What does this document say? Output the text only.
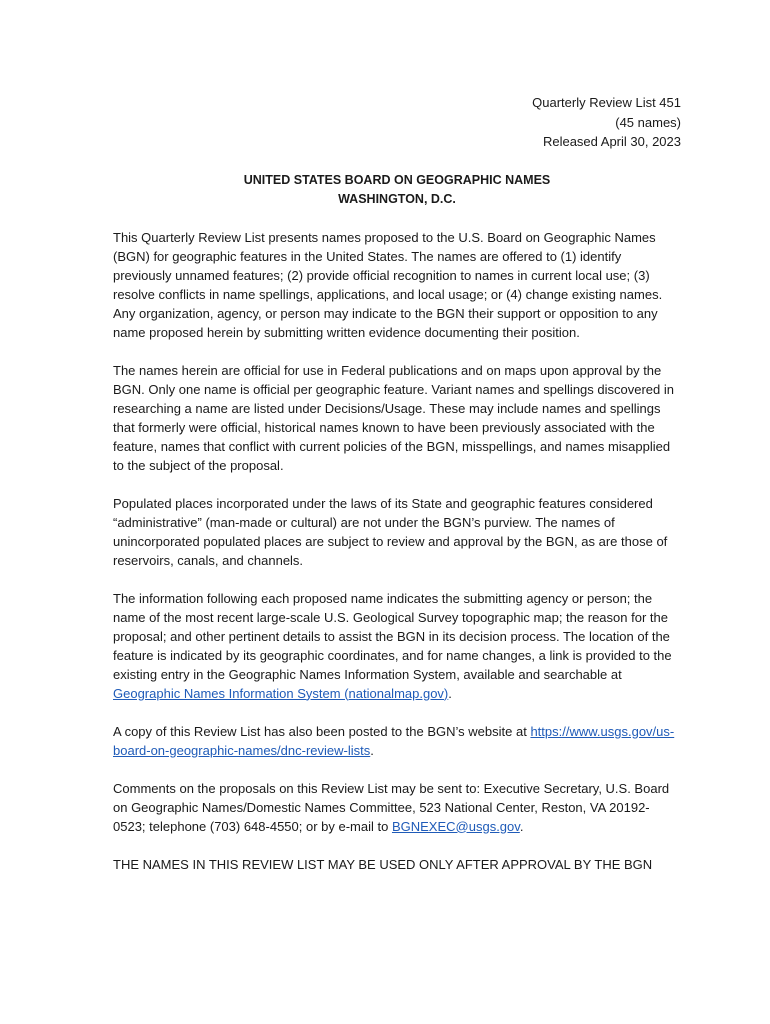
Quarterly Review List 451
(45 names)
Released April 30, 2023
UNITED STATES BOARD ON GEOGRAPHIC NAMES
WASHINGTON, D.C.

This Quarterly Review List presents names proposed to the U.S. Board on Geographic Names (BGN) for geographic features in the United States. The names are offered to (1) identify previously unnamed features; (2) provide official recognition to names in current local use; (3) resolve conflicts in name spellings, applications, and local usage; or (4) change existing names. Any organization, agency, or person may indicate to the BGN their support or opposition to any name proposed herein by submitting written evidence documenting their position.

The names herein are official for use in Federal publications and on maps upon approval by the BGN. Only one name is official per geographic feature. Variant names and spellings discovered in researching a name are listed under Decisions/Usage. These may include names and spellings that formerly were official, historical names known to have been previously associated with the feature, names that conflict with current policies of the BGN, misspellings, and names misapplied to the subject of the proposal.

Populated places incorporated under the laws of its State and geographic features considered “administrative” (man-made or cultural) are not under the BGN’s purview. The names of unincorporated populated places are subject to review and approval by the BGN, as are those of reservoirs, canals, and channels.

The information following each proposed name indicates the submitting agency or person; the name of the most recent large-scale U.S. Geological Survey topographic map; the reason for the proposal; and other pertinent details to assist the BGN in its decision process. The location of the feature is indicated by its geographic coordinates, and for name changes, a link is provided to the existing entry in the Geographic Names Information System, available and searchable at Geographic Names Information System (nationalmap.gov).

A copy of this Review List has also been posted to the BGN’s website at https://www.usgs.gov/us-board-on-geographic-names/dnc-review-lists.

Comments on the proposals on this Review List may be sent to: Executive Secretary, U.S. Board on Geographic Names/Domestic Names Committee, 523 National Center, Reston, VA 20192-0523; telephone (703) 648-4550; or by e-mail to BGNEXEC@usgs.gov.

THE NAMES IN THIS REVIEW LIST MAY BE USED ONLY AFTER APPROVAL BY THE BGN
